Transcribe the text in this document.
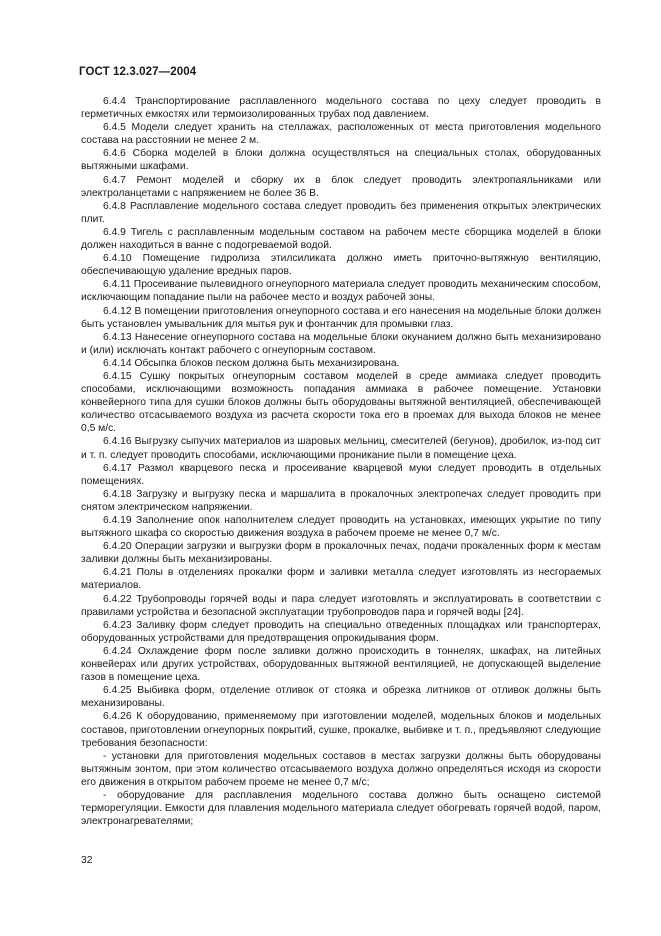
ГОСТ 12.3.027—2004

6.4.4 Транспортирование расплавленного модельного состава по цеху следует проводить в герметичных емкостях или термоизолированных трубах под давлением.

6.4.5 Модели следует хранить на стеллажах, расположенных от места приготовления модельного состава на расстоянии не менее 2 м.

6.4.6 Сборка моделей в блоки должна осуществляться на специальных столах, оборудованных вытяжными шкафами.

6.4.7 Ремонт моделей и сборку их в блок следует проводить электропаяльниками или электроланцетами с напряжением не более 36 В.

6.4.8 Расплавление модельного состава следует проводить без применения открытых электрических плит.

6.4.9 Тигель с расплавленным модельным составом на рабочем месте сборщика моделей в блоки должен находиться в ванне с подогреваемой водой.

6.4.10 Помещение гидролиза этилсиликата должно иметь приточно-вытяжную вентиляцию, обеспечивающую удаление вредных паров.

6.4.11 Просеивание пылевидного огнеупорного материала следует проводить механическим способом, исключающим попадание пыли на рабочее место и воздух рабочей зоны.

6.4.12 В помещении приготовления огнеупорного состава и его нанесения на модельные блоки должен быть установлен умывальник для мытья рук и фонтанчик для промывки глаз.

6.4.13 Нанесение огнеупорного состава на модельные блоки окунанием должно быть механизировано и (или) исключать контакт рабочего с огнеупорным составом.

6.4.14 Обсыпка блоков песком должна быть механизирована.

6.4.15 Сушку покрытых огнеупорным составом моделей в среде аммиака следует проводить способами, исключающими возможность попадания аммиака в рабочее помещение. Установки конвейерного типа для сушки блоков должны быть оборудованы вытяжной вентиляцией, обеспечивающей количество отсасываемого воздуха из расчета скорости тока его в проемах для выхода блоков не менее 0,5 м/с.

6.4.16 Выгрузку сыпучих материалов из шаровых мельниц, смесителей (бегунов), дробилок, из-под сит и т. п. следует проводить способами, исключающими проникание пыли в помещение цеха.

6.4.17 Размол кварцевого песка и просеивание кварцевой муки следует проводить в отдельных помещениях.

6.4.18 Загрузку и выгрузку песка и маршалита в прокалочных электропечах следует проводить при снятом электрическом напряжении.

6.4.19 Заполнение опок наполнителем следует проводить на установках, имеющих укрытие по типу вытяжного шкафа со скоростью движения воздуха в рабочем проеме не менее 0,7 м/с.

6.4.20 Операции загрузки и выгрузки форм в прокалочных печах, подачи прокаленных форм к местам заливки должны быть механизированы.

6.4.21 Полы в отделениях прокалки форм и заливки металла следует изготовлять из несгораемых материалов.

6.4.22 Трубопроводы горячей воды и пара следует изготовлять и эксплуатировать в соответствии с правилами устройства и безопасной эксплуатации трубопроводов пара и горячей воды [24].

6.4.23 Заливку форм следует проводить на специально отведенных площадках или транспортерах, оборудованных устройствами для предотвращения опрокидывания форм.

6.4.24 Охлаждение форм после заливки должно происходить в тоннелях, шкафах, на литейных конвейерах или других устройствах, оборудованных вытяжной вентиляцией, не допускающей выделение газов в помещение цеха.

6.4.25 Выбивка форм, отделение отливок от стояка и обрезка литников от отливок должны быть механизированы.

6.4.26 К оборудованию, применяемому при изготовлении моделей, модельных блоков и модельных составов, приготовлении огнеупорных покрытий, сушке, прокалке, выбивке и т. п., предъявляют следующие требования безопасности:

- установки для приготовления модельных составов в местах загрузки должны быть оборудованы вытяжным зонтом, при этом количество отсасываемого воздуха должно определяться исходя из скорости его движения в открытом рабочем проеме не менее 0,7 м/с;

- оборудование для расплавления модельного состава должно быть оснащено системой терморегуляции. Емкости для плавления модельного материала следует обогревать горячей водой, паром, электронагревателями;

32
